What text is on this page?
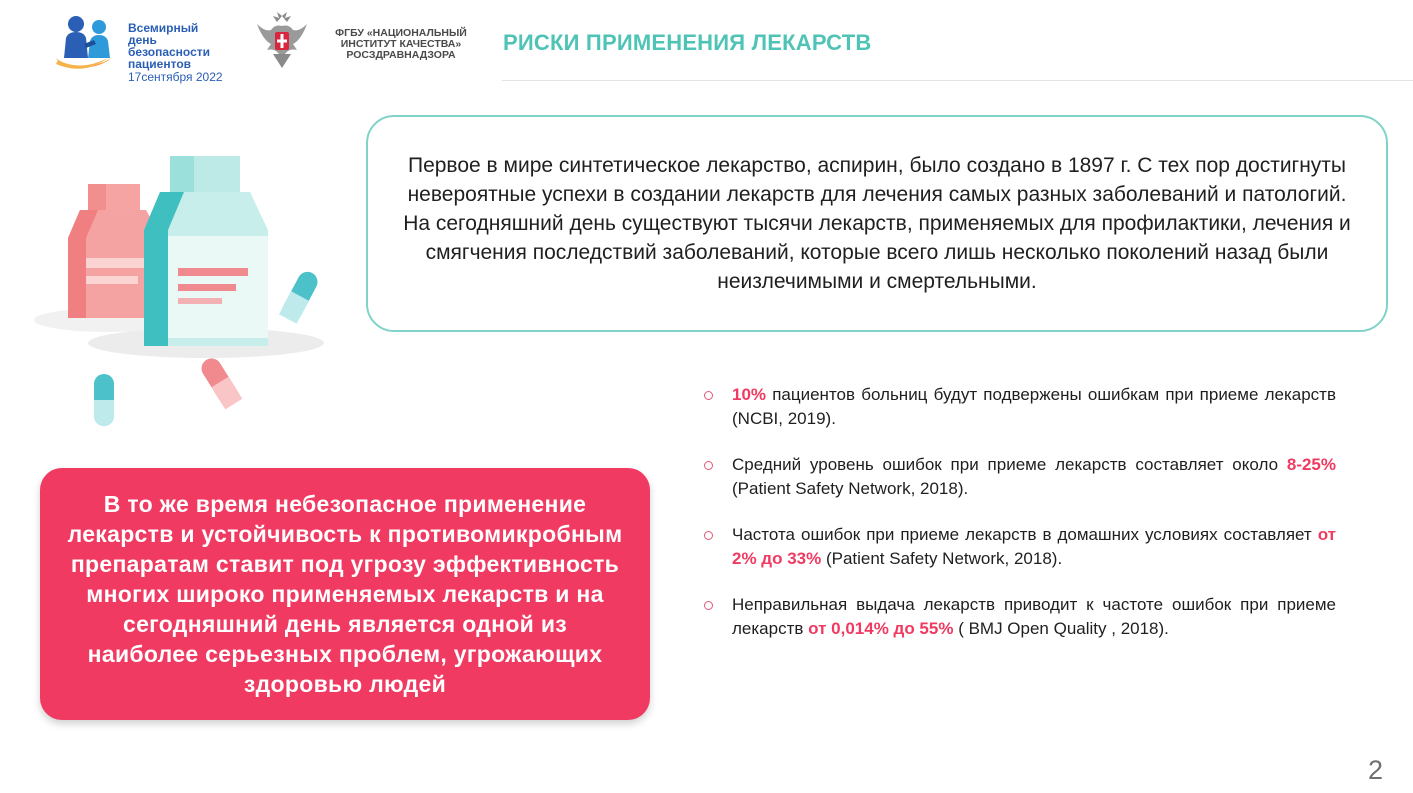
Всемирный день
безопасности
пациентов
17сентября 2022
ФГБУ «НАЦИОНАЛЬНЫЙ
ИНСТИТУТ КАЧЕСТВА»
РОСЗДРАВНАДЗОРА	РИСКИ ПРИМЕНЕНИЯ ЛЕКАРСТВ

Первое в мире синтетическое лекарство, аспирин, было создано в 1897 г. С тех пор достигнуты невероятные успехи в создании лекарств для лечения самых разных заболеваний и патологий. На сегодняшний день существуют тысячи лекарств, применяемых для профилактики, лечения и смягчения последствий заболеваний, которые всего лишь несколько поколений назад были неизлечимыми и смертельными.

В то же время небезопасное применение лекарств и устойчивость к противомикробным препаратам ставит под угрозу эффективность многих широко применяемых лекарств и на сегодняшний день является одной из наиболее серьезных проблем, угрожающих здоровью людей

10% пациентов больниц будут подвержены ошибкам при приеме лекарств (NCBI, 2019).
Средний уровень ошибок при приеме лекарств составляет около 8-25% (Patient Safety Network, 2018).
Частота ошибок при приеме лекарств в домашних условиях составляет от 2% до 33% (Patient Safety Network, 2018).
Неправильная выдача лекарств приводит к частоте ошибок при приеме лекарств от 0,014% до 55% ( BMJ Open Quality , 2018).
2
